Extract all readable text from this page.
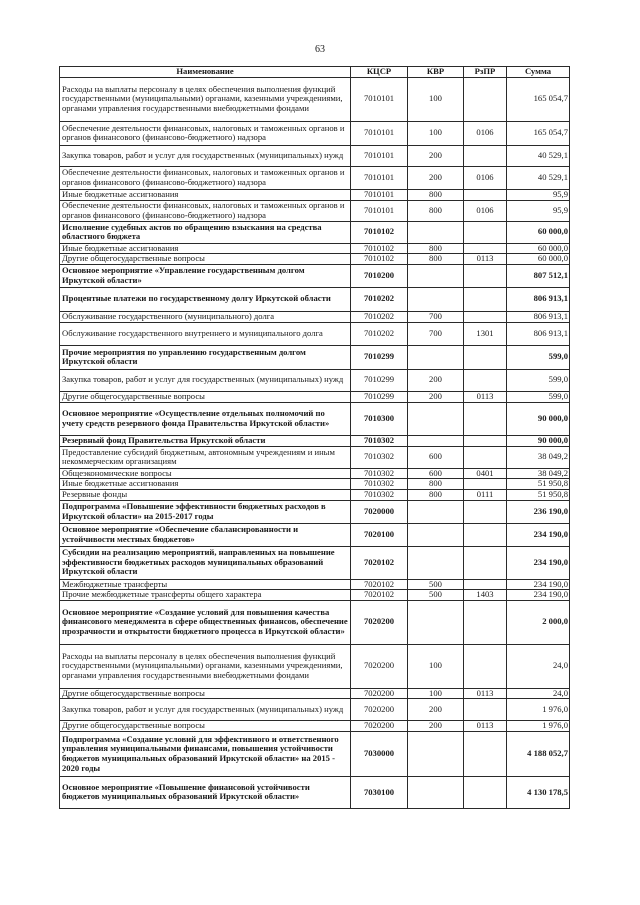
63
Наименование	КЦСР	КВР	РзПР	Сумма
Расходы на выплаты персоналу в целях обеспечения выполнения функций государственными (муниципальными) органами, казенными учреждениями, органами управления государственными внебюджетными фондами	7010101	100		165 054,7
Обеспечение деятельности финансовых, налоговых и таможенных органов и органов финансового (финансово-бюджетного) надзора	7010101	100	0106	165 054,7
Закупка товаров, работ и услуг для государственных (муниципальных) нужд	7010101	200		40 529,1
Обеспечение деятельности финансовых, налоговых и таможенных органов и органов финансового (финансово-бюджетного) надзора	7010101	200	0106	40 529,1
Иные бюджетные ассигнования	7010101	800		95,9
Обеспечение деятельности финансовых, налоговых и таможенных органов и органов финансового (финансово-бюджетного) надзора	7010101	800	0106	95,9
Исполнение судебных актов по обращению взыскания на средства областного бюджета	7010102			60 000,0
Иные бюджетные ассигнования	7010102	800		60 000,0
Другие общегосударственные вопросы	7010102	800	0113	60 000,0
Основное мероприятие «Управление государственным долгом Иркутской области»	7010200			807 512,1
Процентные платежи по государственному долгу Иркутской области	7010202			806 913,1
Обслуживание государственного (муниципального) долга	7010202	700		806 913,1
Обслуживание государственного внутреннего и муниципального долга	7010202	700	1301	806 913,1
Прочие мероприятия по управлению государственным долгом Иркутской области	7010299			599,0
Закупка товаров, работ и услуг для государственных (муниципальных) нужд	7010299	200		599,0
Другие общегосударственные вопросы	7010299	200	0113	599,0
Основное мероприятие «Осуществление отдельных полномочий по учету средств резервного фонда Правительства Иркутской области»	7010300			90 000,0
Резервный фонд Правительства Иркутской области	7010302			90 000,0
Предоставление субсидий бюджетным, автономным учреждениям и иным некоммерческим организациям	7010302	600		38 049,2
Общеэкономические вопросы	7010302	600	0401	38 049,2
Иные бюджетные ассигнования	7010302	800		51 950,8
Резервные фонды	7010302	800	0111	51 950,8
Подпрограмма «Повышение эффективности бюджетных расходов в Иркутской области» на 2015-2017 годы	7020000			236 190,0
Основное мероприятие «Обеспечение сбалансированности и устойчивости местных бюджетов»	7020100			234 190,0
Субсидии на реализацию мероприятий, направленных на повышение эффективности бюджетных расходов муниципальных образований Иркутской области	7020102			234 190,0
Межбюджетные трансферты	7020102	500		234 190,0
Прочие межбюджетные трансферты общего характера	7020102	500	1403	234 190,0
Основное мероприятие «Создание условий для повышения качества финансового менеджмента в сфере общественных финансов, обеспечение прозрачности и открытости бюджетного процесса в Иркутской области»	7020200			2 000,0
Расходы на выплаты персоналу в целях обеспечения выполнения функций государственными (муниципальными) органами, казенными учреждениями, органами управления государственными внебюджетными фондами	7020200	100		24,0
Другие общегосударственные вопросы	7020200	100	0113	24,0
Закупка товаров, работ и услуг для государственных (муниципальных) нужд	7020200	200		1 976,0
Другие общегосударственные вопросы	7020200	200	0113	1 976,0
Подпрограмма «Создание условий для эффективного и ответственного управления муниципальными финансами, повышения устойчивости бюджетов муниципальных образований Иркутской области» на 2015 - 2020 годы	7030000			4 188 052,7
Основное мероприятие «Повышение финансовой устойчивости бюджетов муниципальных образований Иркутской области»	7030100			4 130 178,5
